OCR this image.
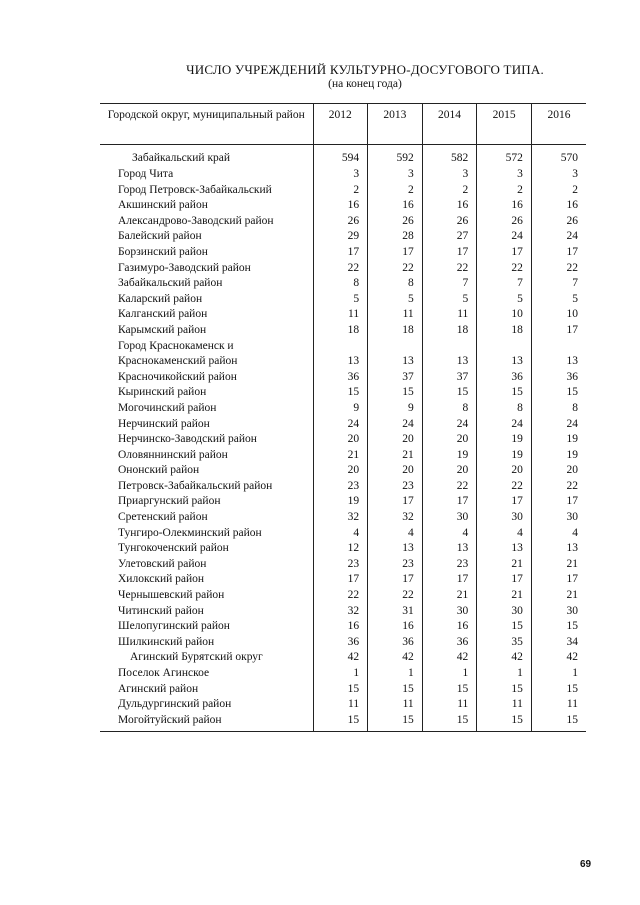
ЧИСЛО УЧРЕЖДЕНИЙ КУЛЬТУРНО-ДОСУГОВОГО ТИПА.
(на конец года)
Городской округ, муниципальный район	2012	2013	2014	2015	2016
Забайкальский край	594	592	582	572	570
Город Чита	3	3	3	3	3
Город Петровск-Забайкальский	2	2	2	2	2
Акшинский район	16	16	16	16	16
Александрово-Заводский район	26	26	26	26	26
Балейский район	29	28	27	24	24
Борзинский район	17	17	17	17	17
Газимуро-Заводский район	22	22	22	22	22
Забайкальский район	8	8	7	7	7
Каларский район	5	5	5	5	5
Калганский район	11	11	11	10	10
Карымский район	18	18	18	18	17
Город Краснокаменск и					
Краснокаменский район	13	13	13	13	13
Красночикойский район	36	37	37	36	36
Кыринский район	15	15	15	15	15
Могочинский район	9	9	8	8	8
Нерчинский район	24	24	24	24	24
Нерчинско-Заводский район	20	20	20	19	19
Оловяннинский район	21	21	19	19	19
Ононский район	20	20	20	20	20
Петровск-Забайкальский район	23	23	22	22	22
Приаргунский район	19	17	17	17	17
Сретенский район	32	32	30	30	30
Тунгиро-Олекминский район	4	4	4	4	4
Тунгокоченский район	12	13	13	13	13
Улетовский район	23	23	23	21	21
Хилокский район	17	17	17	17	17
Чернышевский район	22	22	21	21	21
Читинский район	32	31	30	30	30
Шелопугинский район	16	16	16	15	15
Шилкинский район	36	36	36	35	34
Агинский Бурятский округ	42	42	42	42	42
Поселок Агинское	1	1	1	1	1
Агинский район	15	15	15	15	15
Дульдургинский район	11	11	11	11	11
Могойтуйский район	15	15	15	15	15
69
